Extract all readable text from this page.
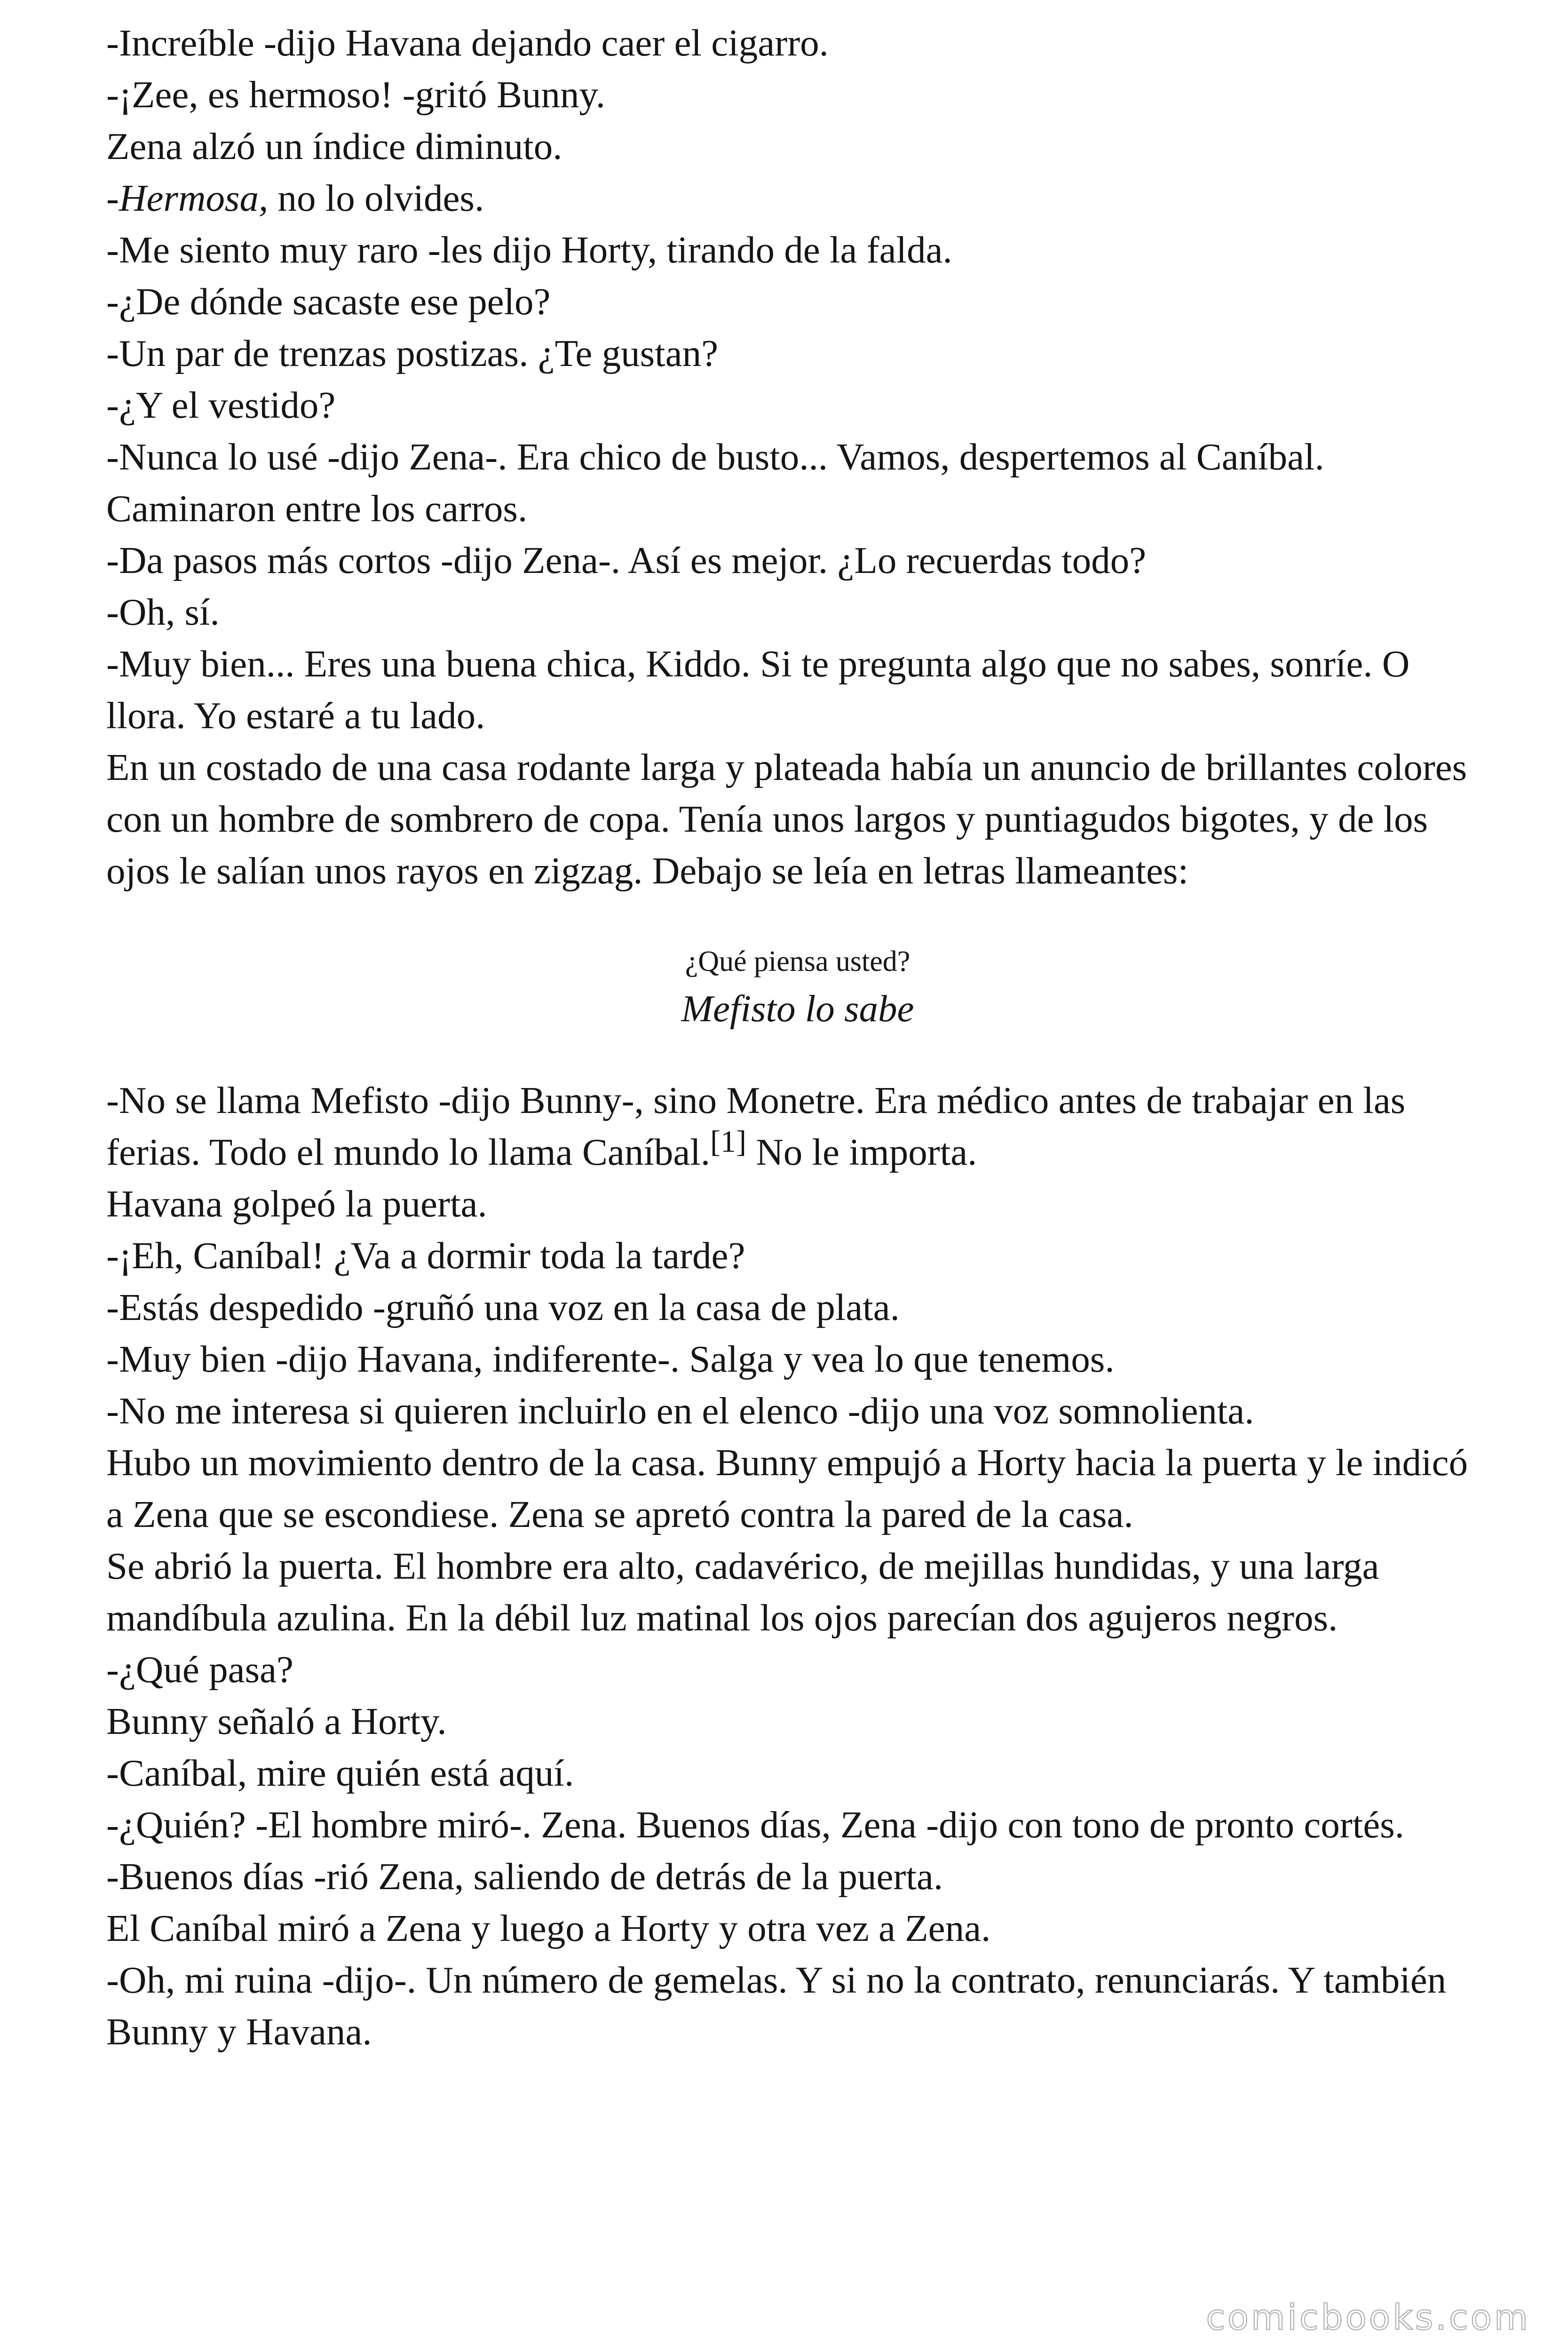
-Increíble -dijo Havana dejando caer el cigarro.

-¡Zee, es hermoso! -gritó Bunny.

Zena alzó un índice diminuto.

-Hermosa, no lo olvides.

-Me siento muy raro -les dijo Horty, tirando de la falda.

-¿De dónde sacaste ese pelo?

-Un par de trenzas postizas. ¿Te gustan?

-¿Y el vestido?

-Nunca lo usé -dijo Zena-. Era chico de busto... Vamos, despertemos al Caníbal.

Caminaron entre los carros.

-Da pasos más cortos -dijo Zena-. Así es mejor. ¿Lo recuerdas todo?

-Oh, sí.

-Muy bien... Eres una buena chica, Kiddo. Si te pregunta algo que no sabes, sonríe. O llora. Yo estaré a tu lado.

En un costado de una casa rodante larga y plateada había un anuncio de brillantes colores con un hombre de sombrero de copa. Tenía unos largos y puntiagudos bigotes, y de los ojos le salían unos rayos en zigzag. Debajo se leía en letras llameantes:

¿Qué piensa usted?
Mefisto lo sabe

-No se llama Mefisto -dijo Bunny-, sino Monetre. Era médico antes de trabajar en las ferias. Todo el mundo lo llama Caníbal.[1] No le importa.

Havana golpeó la puerta.

-¡Eh, Caníbal! ¿Va a dormir toda la tarde?

-Estás despedido -gruñó una voz en la casa de plata.

-Muy bien -dijo Havana, indiferente-. Salga y vea lo que tenemos.

-No me interesa si quieren incluirlo en el elenco -dijo una voz somnolienta.

Hubo un movimiento dentro de la casa. Bunny empujó a Horty hacia la puerta y le indicó a Zena que se escondiese. Zena se apretó contra la pared de la casa.

Se abrió la puerta. El hombre era alto, cadavérico, de mejillas hundidas, y una larga mandíbula azulina. En la débil luz matinal los ojos parecían dos agujeros negros.

-¿Qué pasa?

Bunny señaló a Horty.

-Caníbal, mire quién está aquí.

-¿Quién? -El hombre miró-. Zena. Buenos días, Zena -dijo con tono de pronto cortés.

-Buenos días -rió Zena, saliendo de detrás de la puerta.

El Caníbal miró a Zena y luego a Horty y otra vez a Zena.

-Oh, mi ruina -dijo-. Un número de gemelas. Y si no la contrato, renunciarás. Y también Bunny y Havana.

comicbooks.com
